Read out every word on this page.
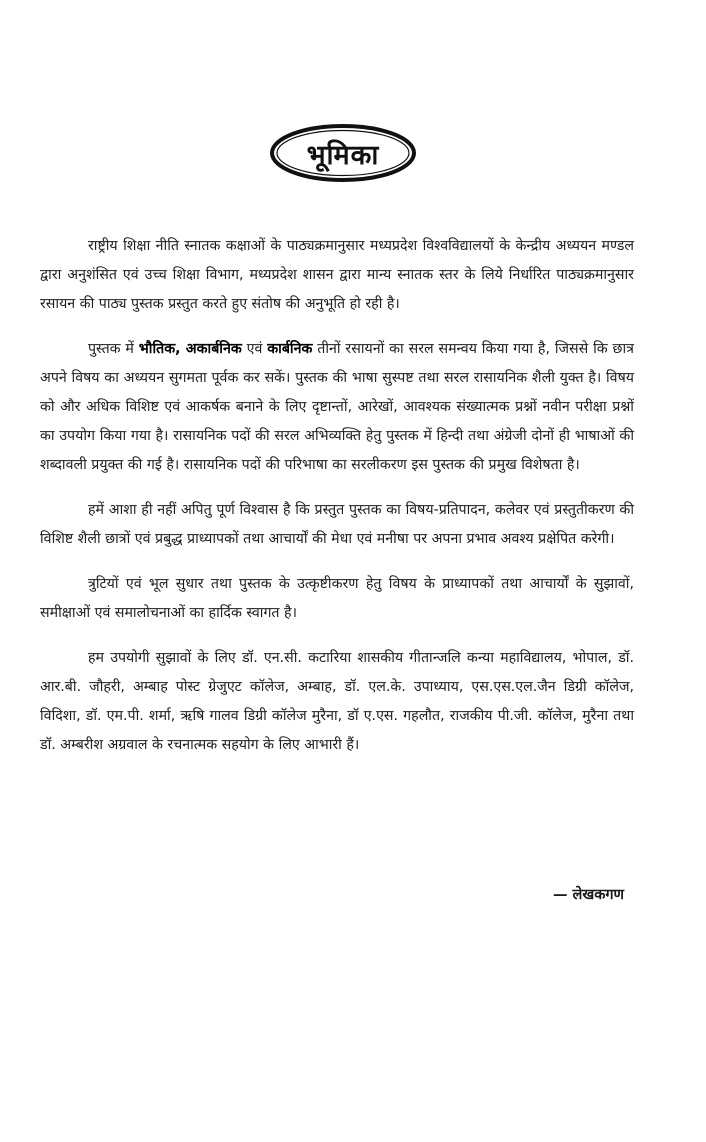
भूमिका

राष्ट्रीय शिक्षा नीति स्नातक कक्षाओं के पाठ्यक्रमानुसार मध्यप्रदेश विश्वविद्यालयों के केन्द्रीय अध्ययन मण्डल द्वारा अनुशंसित एवं उच्च शिक्षा विभाग, मध्यप्रदेश शासन द्वारा मान्य स्नातक स्तर के लिये निर्धारित पाठ्यक्रमानुसार रसायन की पाठ्य पुस्तक प्रस्तुत करते हुए संतोष की अनुभूति हो रही है।

पुस्तक में भौतिक, अकार्बनिक एवं कार्बनिक तीनों रसायनों का सरल समन्वय किया गया है, जिससे कि छात्र अपने विषय का अध्ययन सुगमता पूर्वक कर सकें। पुस्तक की भाषा सुस्पष्ट तथा सरल रासायनिक शैली युक्त है। विषय को और अधिक विशिष्ट एवं आकर्षक बनाने के लिए दृष्टान्तों, आरेखों, आवश्यक संख्यात्मक प्रश्नों नवीन परीक्षा प्रश्नों का उपयोग किया गया है। रासायनिक पदों की सरल अभिव्यक्ति हेतु पुस्तक में हिन्दी तथा अंग्रेजी दोनों ही भाषाओं की शब्दावली प्रयुक्त की गई है। रासायनिक पदों की परिभाषा का सरलीकरण इस पुस्तक की प्रमुख विशेषता है।

हमें आशा ही नहीं अपितु पूर्ण विश्वास है कि प्रस्तुत पुस्तक का विषय-प्रतिपादन, कलेवर एवं प्रस्तुतीकरण की विशिष्ट शैली छात्रों एवं प्रबुद्ध प्राध्यापकों तथा आचार्यों की मेधा एवं मनीषा पर अपना प्रभाव अवश्य प्रक्षेपित करेगी।

त्रुटियों एवं भूल सुधार तथा पुस्तक के उत्कृष्टीकरण हेतु विषय के प्राध्यापकों तथा आचार्यों के सुझावों, समीक्षाओं एवं समालोचनाओं का हार्दिक स्वागत है।

हम उपयोगी सुझावों के लिए डॉ. एन.सी. कटारिया शासकीय गीतान्जलि कन्या महाविद्यालय, भोपाल, डॉ. आर.बी. जौहरी, अम्बाह पोस्ट ग्रेजुएट कॉलेज, अम्बाह, डॉ. एल.के. उपाध्याय, एस.एस.एल.जैन डिग्री कॉलेज, विदिशा, डॉ. एम.पी. शर्मा, ऋषि गालव डिग्री कॉलेज मुरैना, डॉ ए.एस. गहलौत, राजकीय पी.जी. कॉलेज, मुरैना तथा डॉ. अम्बरीश अग्रवाल के रचनात्मक सहयोग के लिए आभारी हैं।

— लेखकगण
